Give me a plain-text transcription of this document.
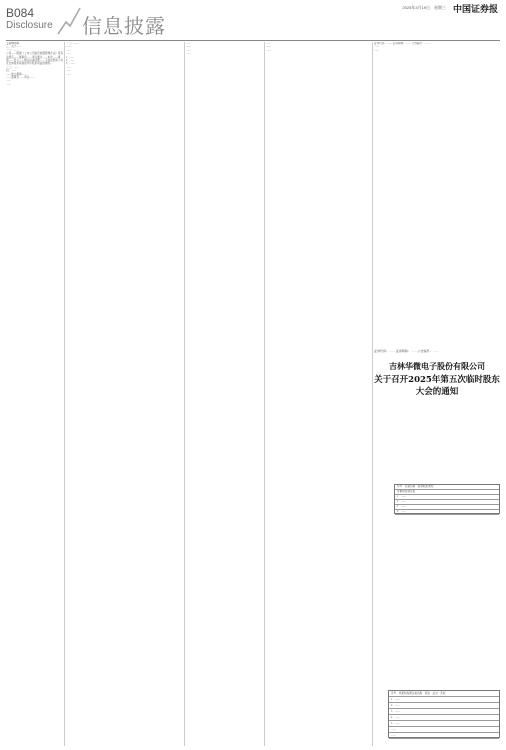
B084
Disclosure 信息披露
2025年3月19日　星期三 中国证券报
上接B083版
三、关于……
（一）……
公司……根据《上市公司信息披露管理办法》等有关规定……董事会……审议通过……本次……事项……符合……相关法律法规……不存在损害公司及全体股东特别是中小股东利益的情形。
（二）……
四、……
……独立董事……
……监事会……审议……
……
……
（二）……
……
……
……
1、……
2、……
3、……
……
……
……
……
……
……
……
……
……
……
证券代码：…… 证券简称：…… 公告编号：……
……
……
证券代码：…… 证券简称：…… 公告编号：……
吉林华微电子股份有限公司
关于召开2025年第五次临时股东大会的通知
序号　议案名称　投票股东类型
非累积投票议案
1　……
2　……
3　……
4　……
序号　非累积投票议案名称　同意　反对　弃权
1　……
2　……
3　……
4　……
5　……
……
……
